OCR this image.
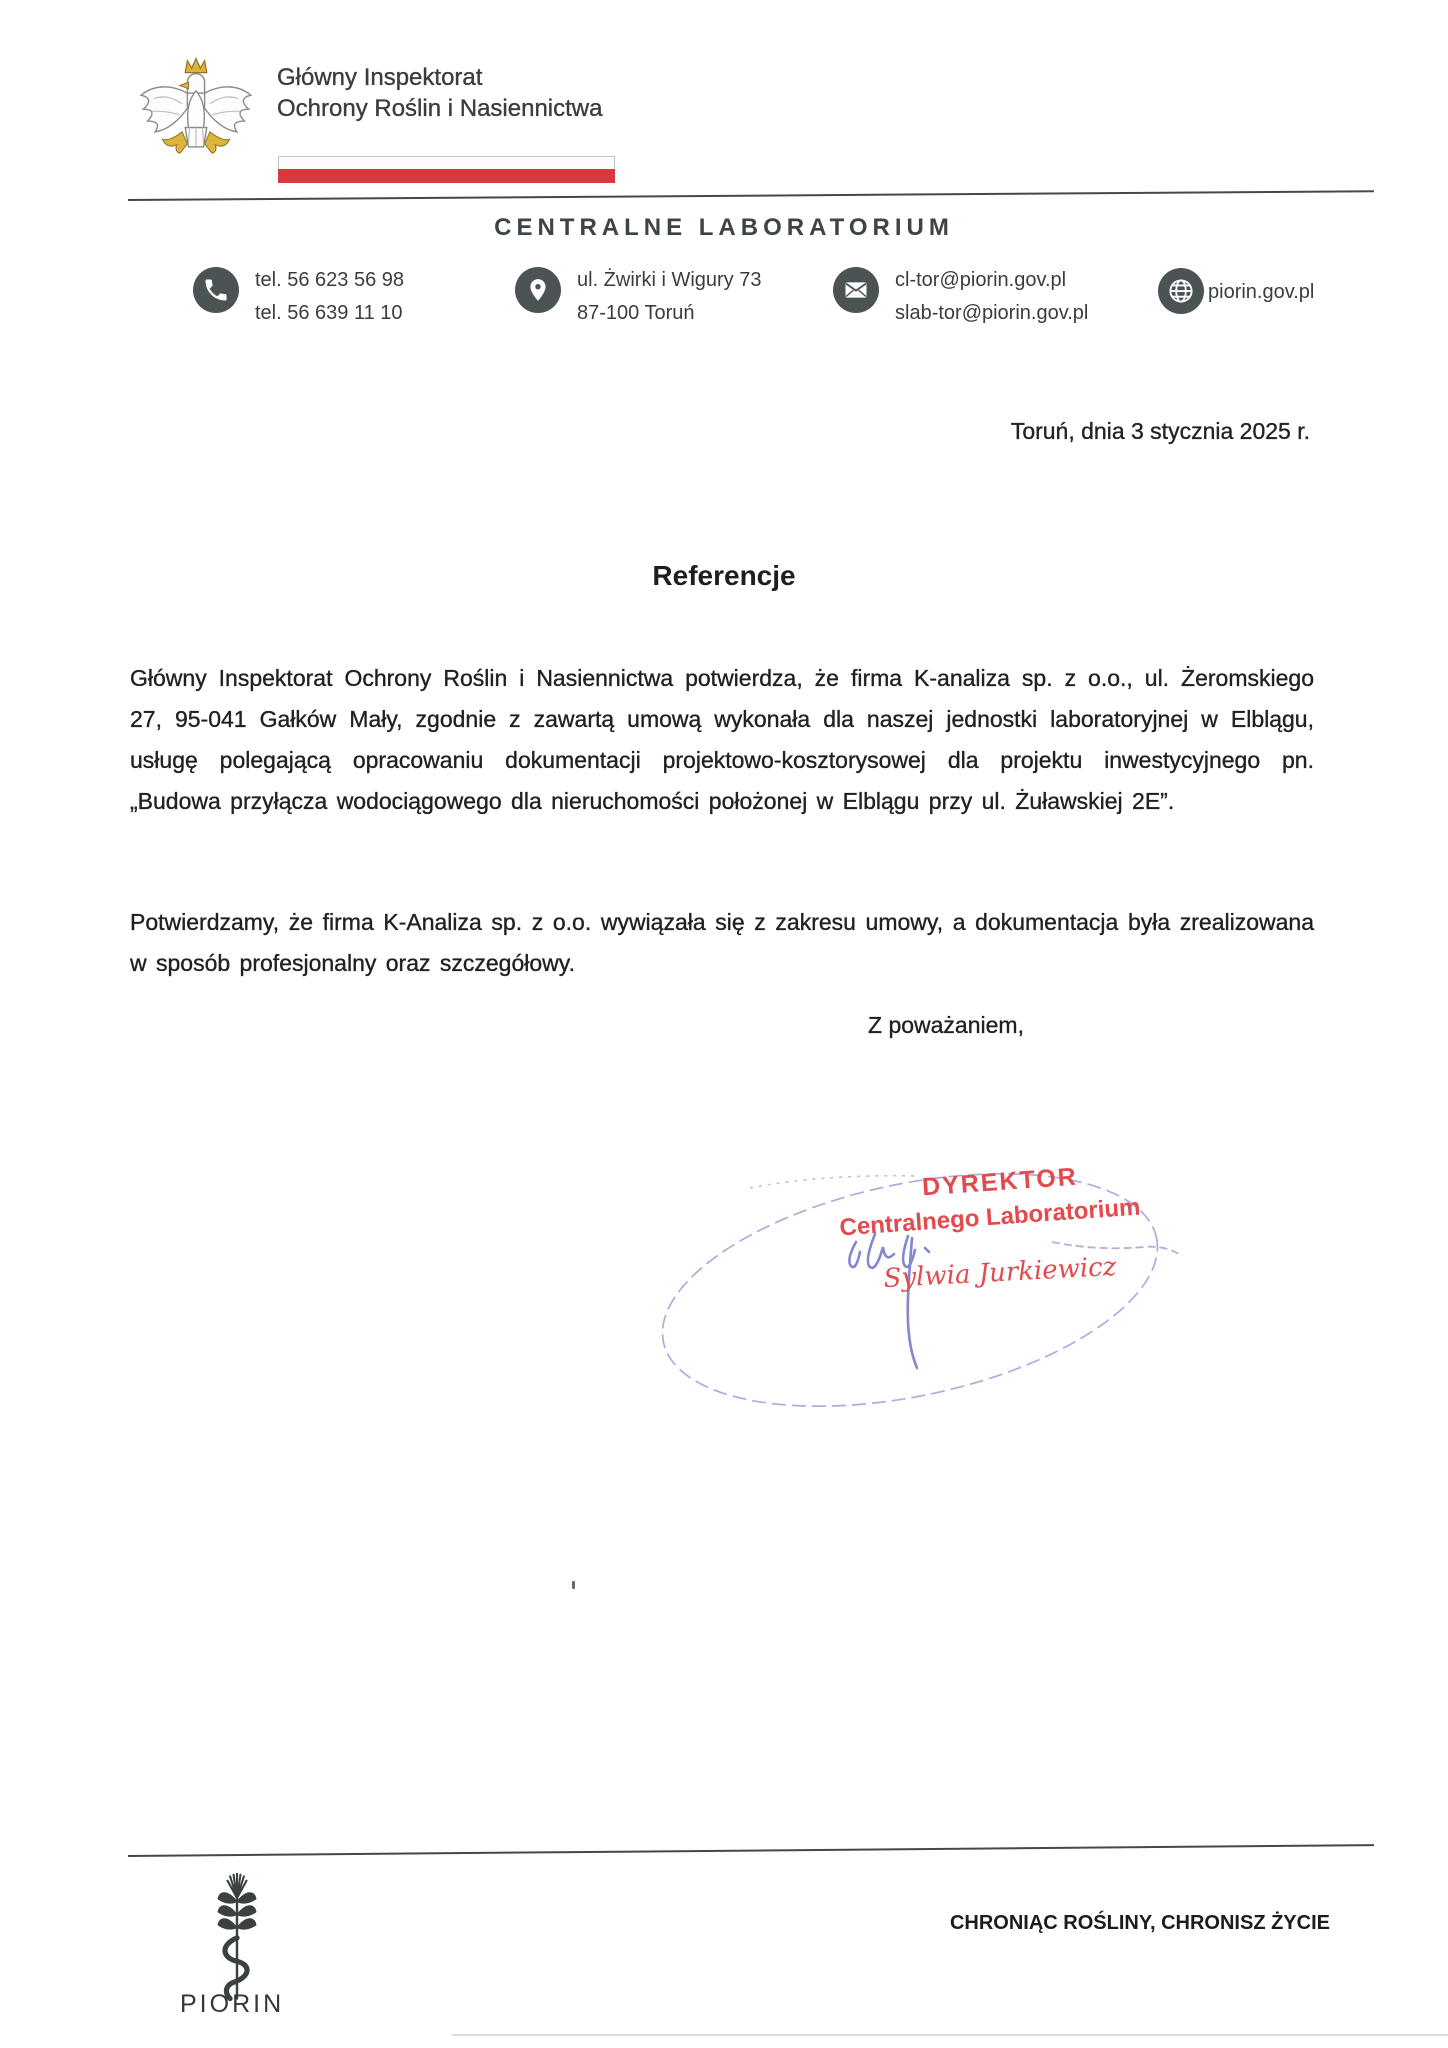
Główny Inspektorat
Ochrony Roślin i Nasiennictwa
CENTRALNE LABORATORIUM
tel. 56 623 56 98
tel. 56 639 11 10
ul. Żwirki i Wigury 73
87-100 Toruń
cl-tor@piorin.gov.pl
slab-tor@piorin.gov.pl
piorin.gov.pl
Toruń, dnia 3 stycznia 2025 r.
Referencje
Główny Inspektorat Ochrony Roślin i Nasiennictwa potwierdza, że firma K-analiza sp. z o.o., ul. Żeromskiego 27, 95-041 Gałków Mały, zgodnie z zawartą umową wykonała dla naszej jednostki laboratoryjnej w Elblągu, usługę polegającą opracowaniu dokumentacji projektowo-kosztorysowej dla projektu inwestycyjnego pn. „Budowa przyłącza wodociągowego dla nieruchomości położonej w Elblągu przy ul. Żuławskiej 2E”.
Potwierdzamy, że firma K-Analiza sp. z o.o. wywiązała się z zakresu umowy, a dokumentacja była zrealizowana w sposób profesjonalny oraz szczegółowy.
Z poważaniem,
DYREKTOR
Centralnego Laboratorium
Sylwia Jurkiewicz
PIORIN
CHRONIĄC ROŚLINY, CHRONISZ ŻYCIE
